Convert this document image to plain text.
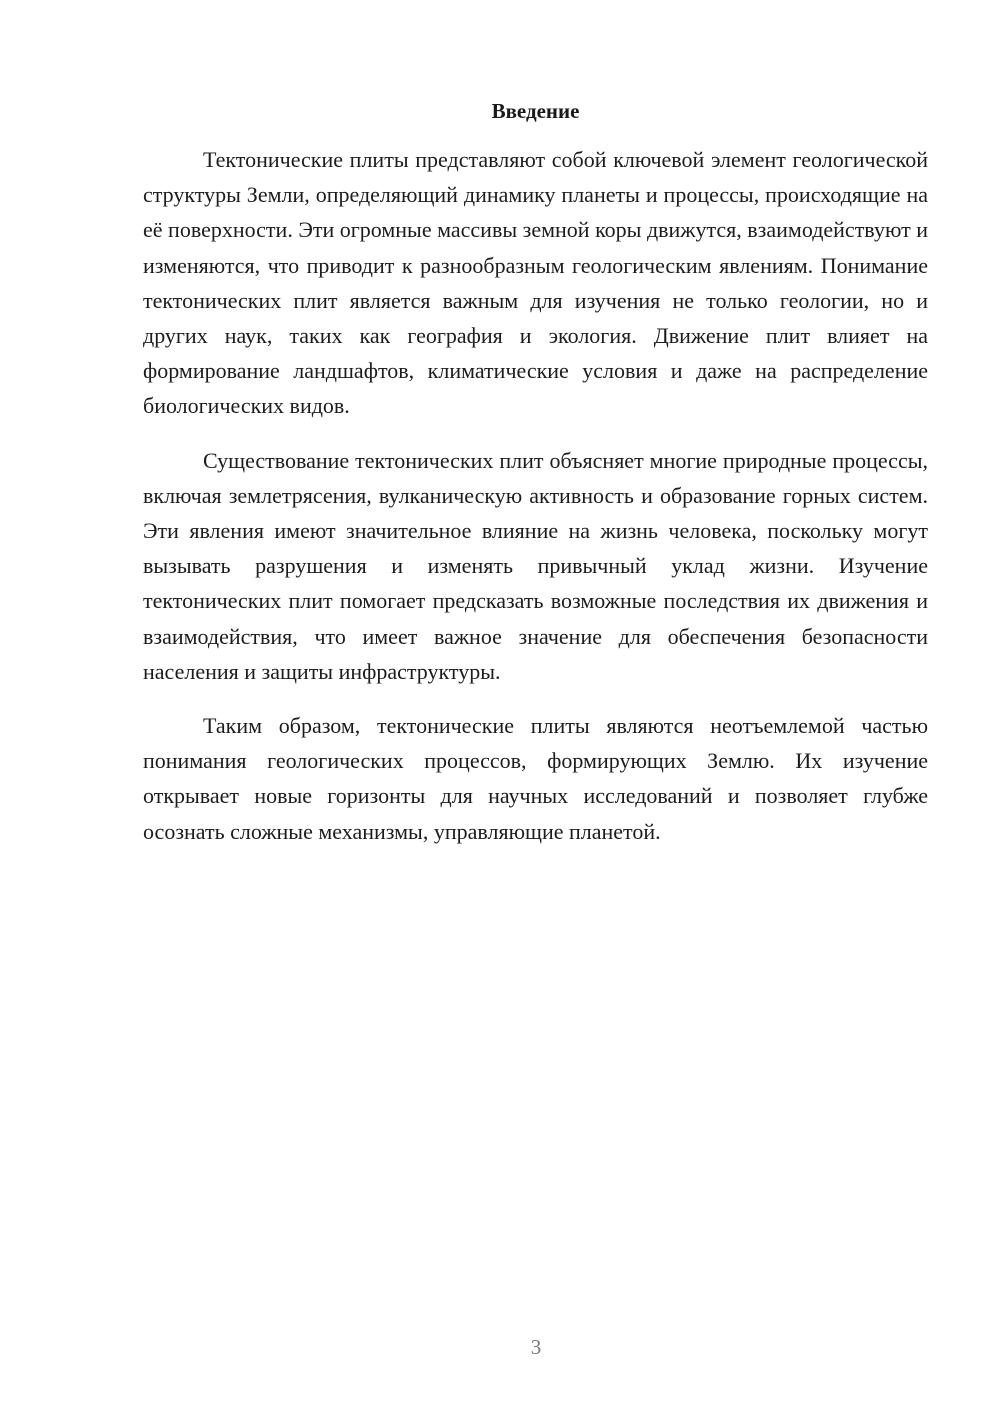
Введение

Тектонические плиты представляют собой ключевой элемент геологической структуры Земли, определяющий динамику планеты и процессы, происходящие на её поверхности. Эти огромные массивы земной коры движутся, взаимодействуют и изменяются, что приводит к разнообразным геологическим явлениям. Понимание тектонических плит является важным для изучения не только геологии, но и других наук, таких как география и экология. Движение плит влияет на формирование ландшафтов, климатические условия и даже на распределение биологических видов.

Существование тектонических плит объясняет многие природные процессы, включая землетрясения, вулканическую активность и образование горных систем. Эти явления имеют значительное влияние на жизнь человека, поскольку могут вызывать разрушения и изменять привычный уклад жизни. Изучение тектонических плит помогает предсказать возможные последствия их движения и взаимодействия, что имеет важное значение для обеспечения безопасности населения и защиты инфраструктуры.

Таким образом, тектонические плиты являются неотъемлемой частью понимания геологических процессов, формирующих Землю. Их изучение открывает новые горизонты для научных исследований и позволяет глубже осознать сложные механизмы, управляющие планетой.

3
